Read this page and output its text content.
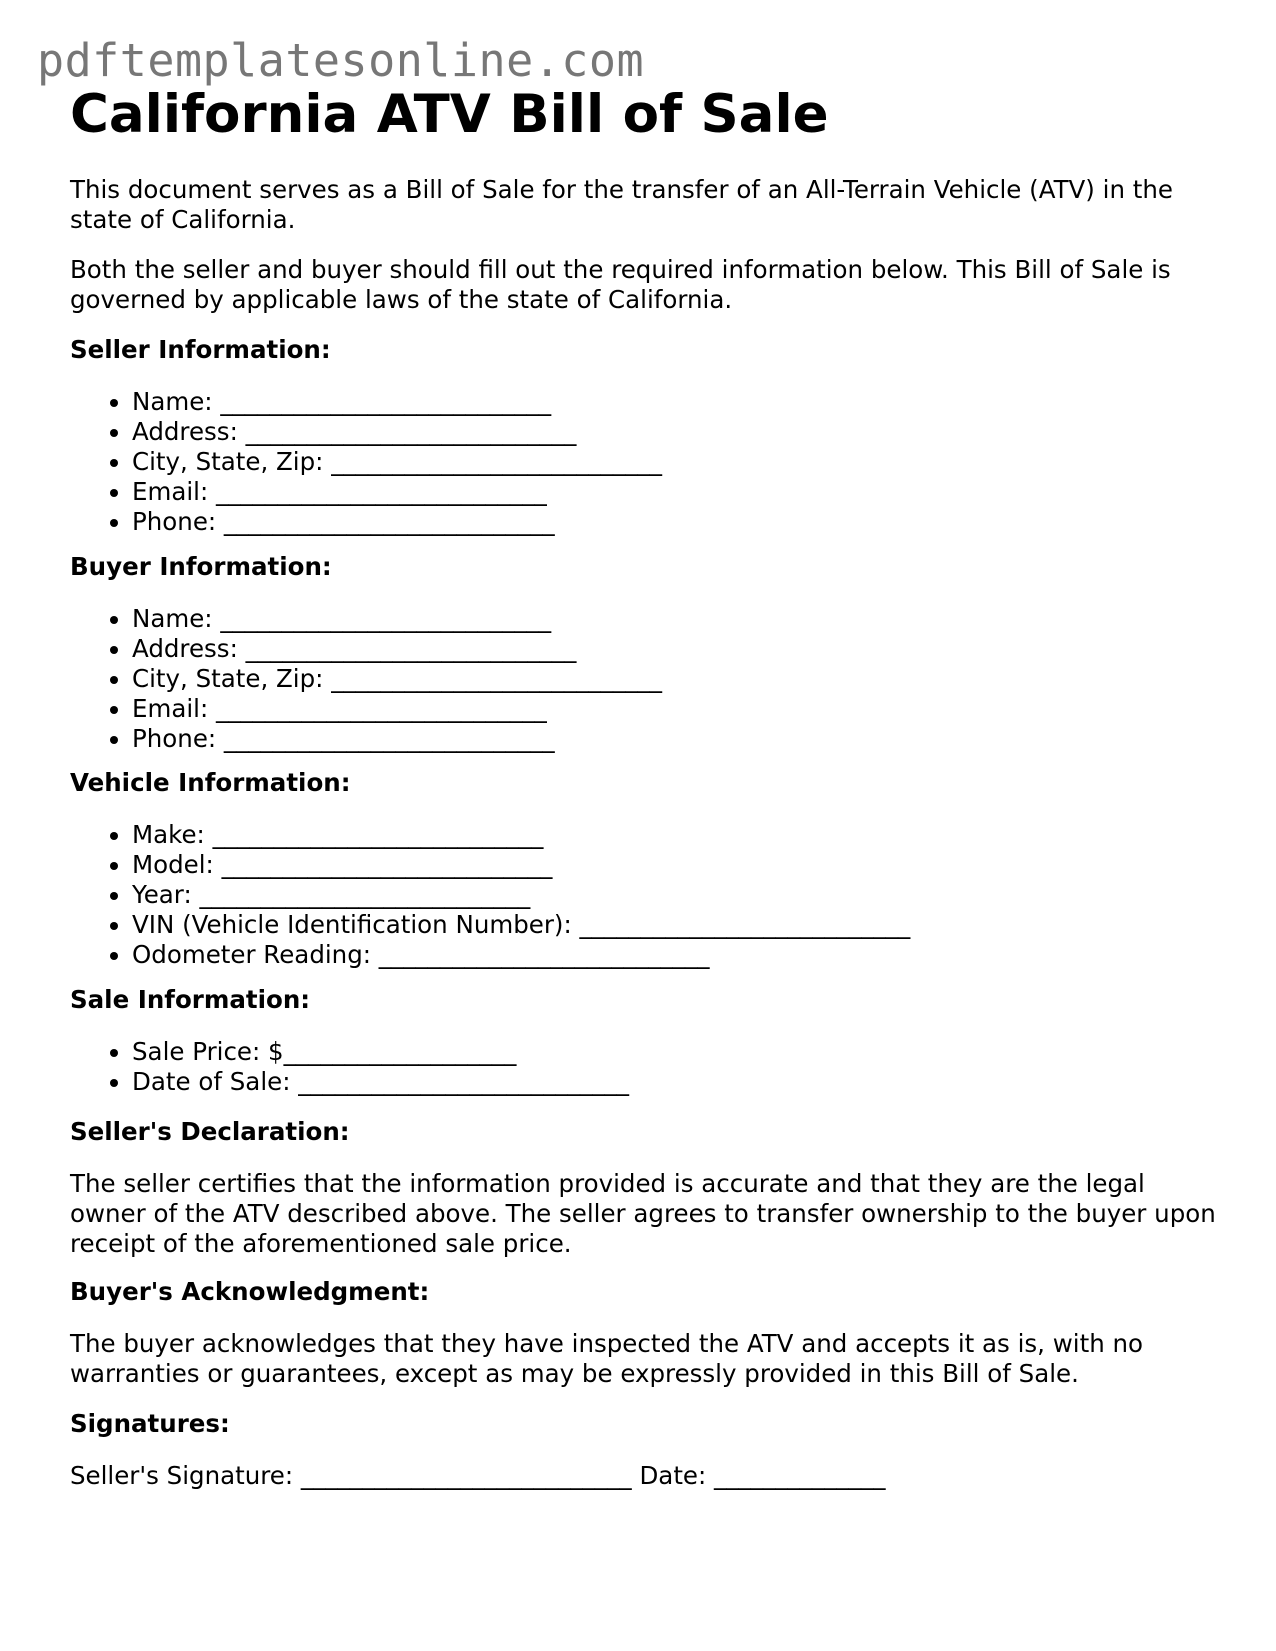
pdftemplatesonline.com
California ATV Bill of Sale

This document serves as a Bill of Sale for the transfer of an All-Terrain Vehicle (ATV) in the state of California.

Both the seller and buyer should fill out the required information below. This Bill of Sale is governed by applicable laws of the state of California.

Seller Information:
• Name: ___________________________
• Address: ___________________________
• City, State, Zip: ___________________________
• Email: ___________________________
• Phone: ___________________________
Buyer Information:
• Name: ___________________________
• Address: ___________________________
• City, State, Zip: ___________________________
• Email: ___________________________
• Phone: ___________________________
Vehicle Information:
• Make: ___________________________
• Model: ___________________________
• Year: ___________________________
• VIN (Vehicle Identification Number): ___________________________
• Odometer Reading: ___________________________
Sale Information:
• Sale Price: $___________________
• Date of Sale: ___________________________
Seller's Declaration:

The seller certifies that the information provided is accurate and that they are the legal owner of the ATV described above. The seller agrees to transfer ownership to the buyer upon receipt of the aforementioned sale price.

Buyer's Acknowledgment:

The buyer acknowledges that they have inspected the ATV and accepts it as is, with no warranties or guarantees, except as may be expressly provided in this Bill of Sale.

Signatures:
Seller's Signature: ___________________________ Date: ______________
